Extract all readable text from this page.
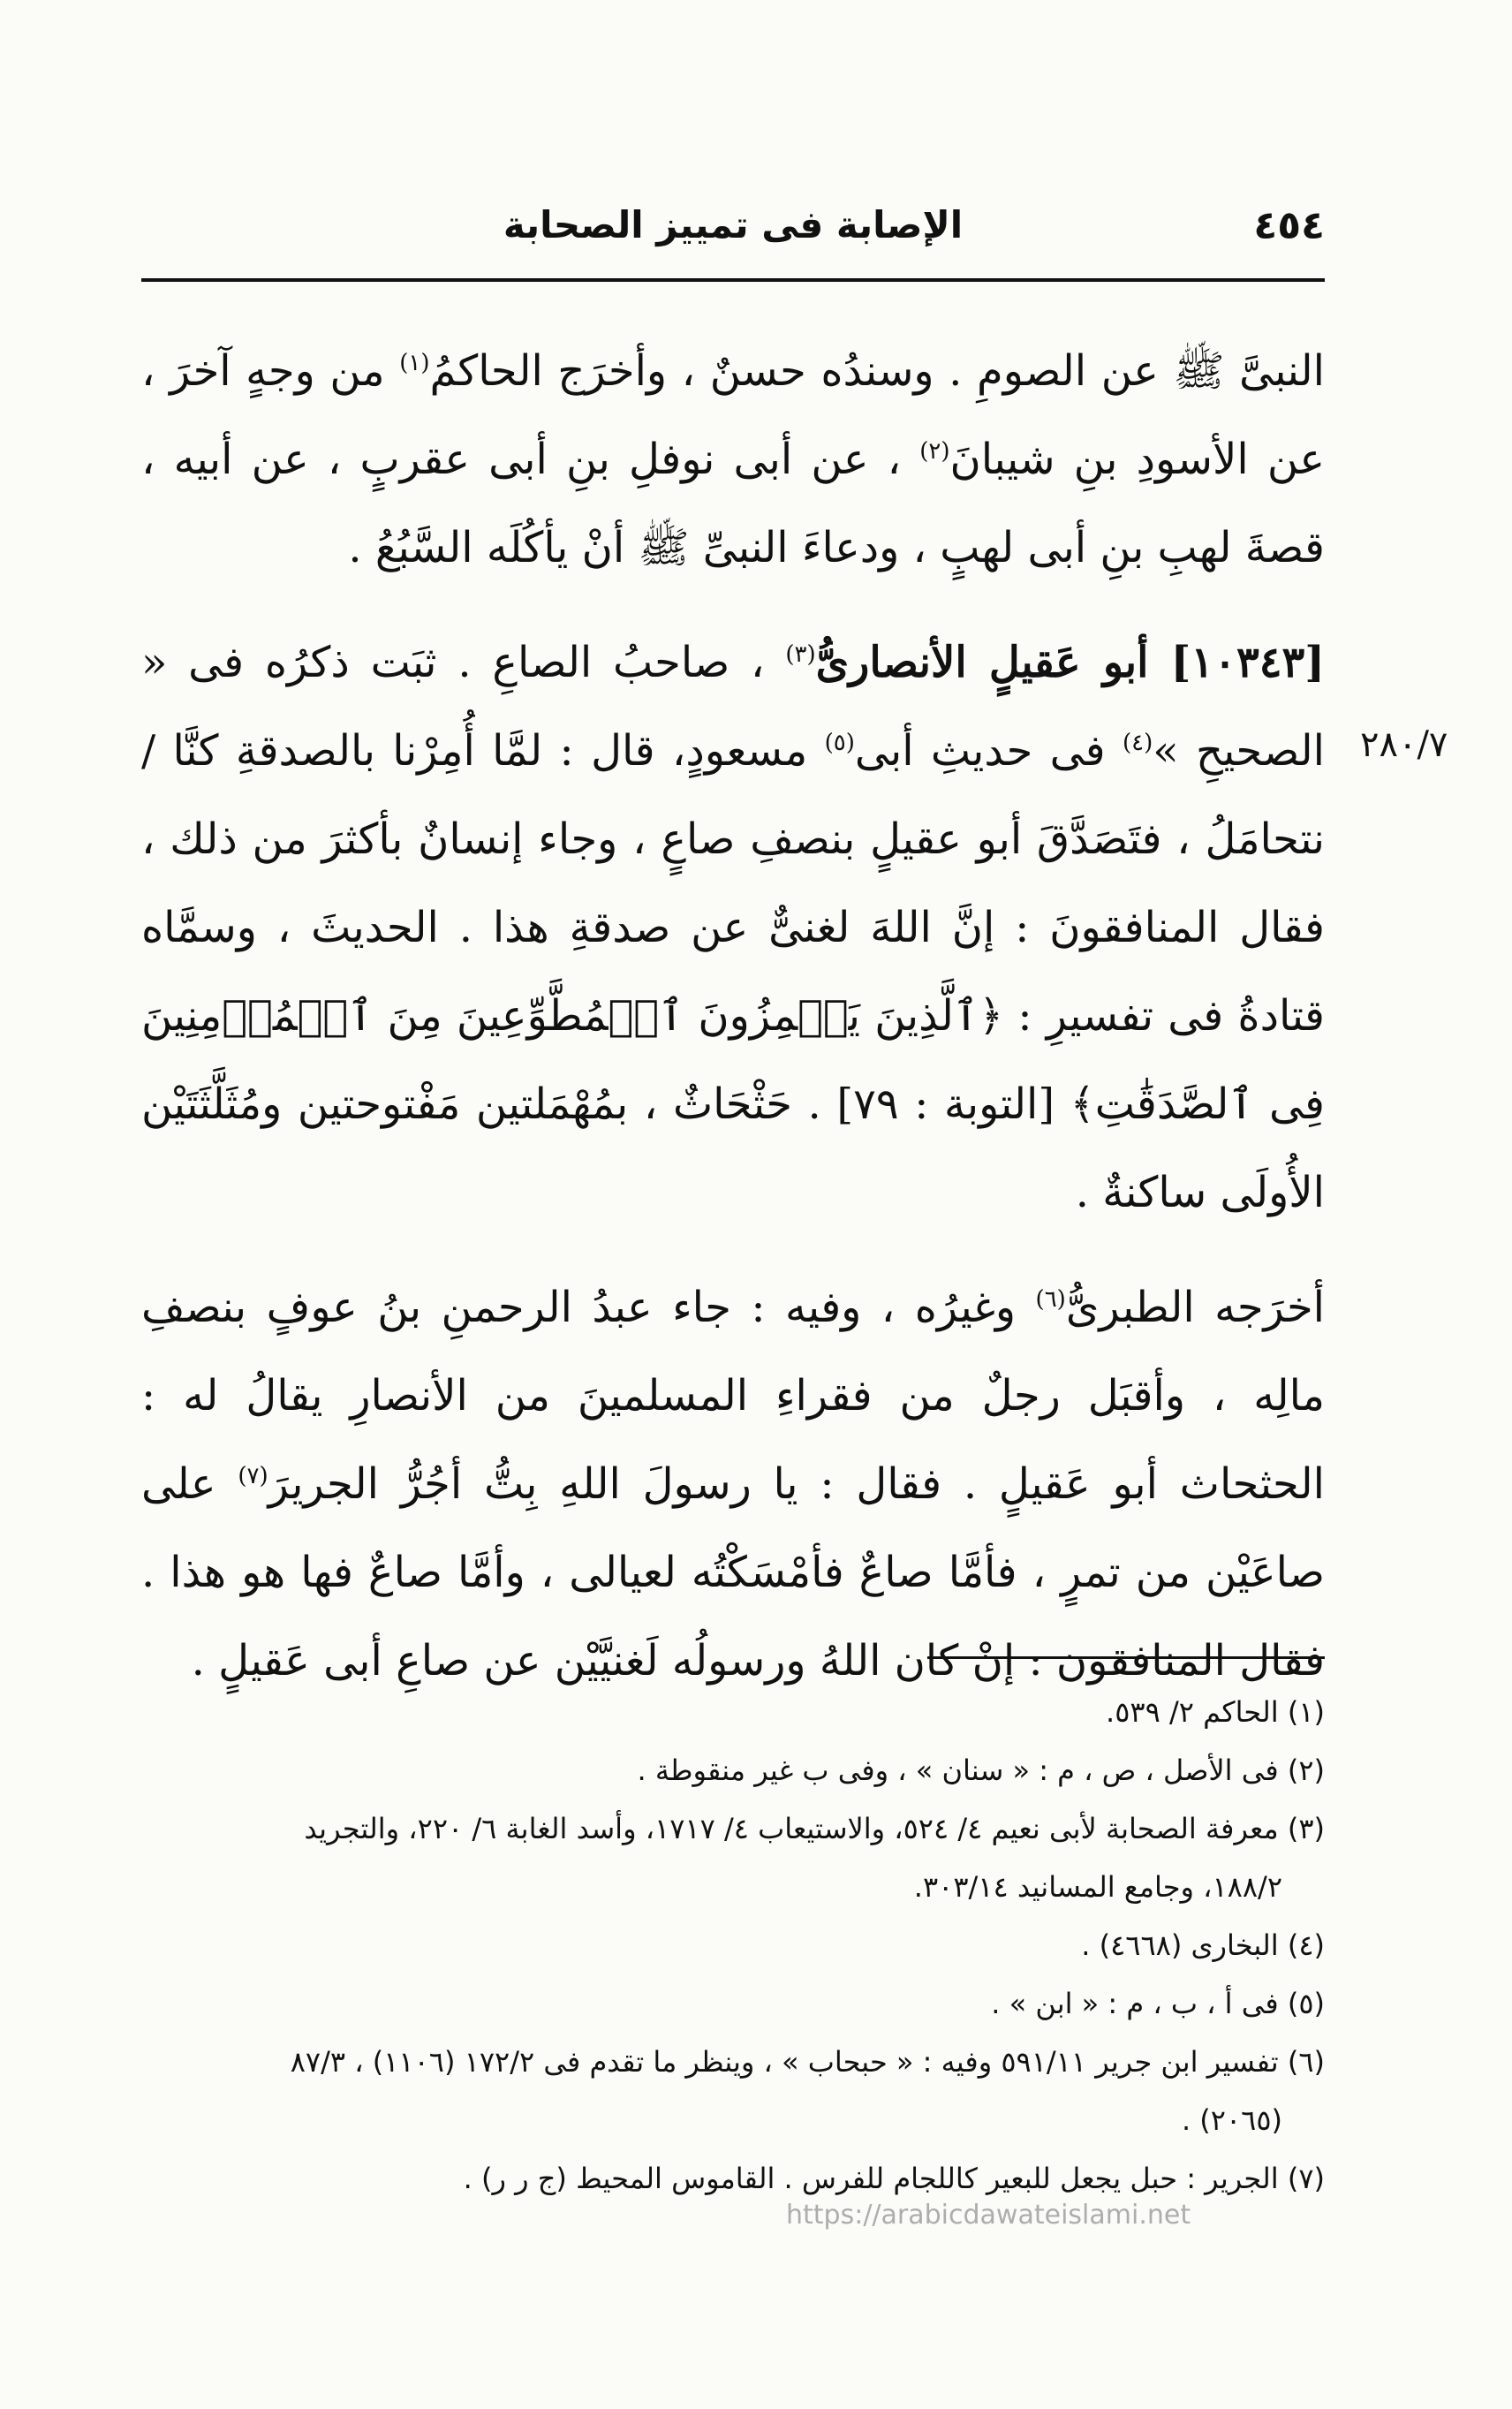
٤٥٤
الإصابة فى تمييز الصحابة

النبىَّ ﷺ عن الصومِ . وسندُه حسنٌ ، وأخرَج الحاكمُ$^{(١)}$ من وجهٍ آخرَ ، عن الأسودِ بنِ شيبانَ$^{(٢)}$ ، عن أبى نوفلِ بنِ أبى عقربٍ ، عن أبيه ، قصةَ لهبِ بنِ أبى لهبٍ ، ودعاءَ النبىِّ ﷺ أنْ يأكُلَه السَّبُعُ .

[١٠٣٤٣] أبو عَقيلٍ الأنصارىُّ$^{(٣)}$ ، صاحبُ الصاعِ . ثبَت ذكرُه فى « الصحيحِ »$^{(٤)}$ فى حديثِ أبى$^{(٥)}$ مسعودٍ، قال : لمَّا أُمِرْنا بالصدقةِ كنَّا /نتحامَلُ ، فتَصَدَّقَ أبو عقيلٍ بنصفِ صاعٍ ، وجاء إنسانٌ بأكثرَ من ذلك ، فقال المنافقونَ : إنَّ اللهَ لغنىٌّ عن صدقةِ هذا . الحديثَ ، وسمَّاه قتادةُ فى تفسيرِ : ﴿ٱلَّذِينَ يَلۡمِزُونَ ٱلۡمُطَّوِّعِينَ مِنَ ٱلۡمُؤۡمِنِينَ فِى ٱلصَّدَقَٰتِ﴾ [التوبة : ٧٩] . حَثْحَاثٌ ، بمُهْمَلتين مَفْتوحتين ومُثَلَّثَتَيْن الأُولَى ساكنةٌ .

أخرَجه الطبرىُّ$^{(٦)}$ وغيرُه ، وفيه : جاء عبدُ الرحمنِ بنُ عوفٍ بنصفِ مالِه ، وأقبَل رجلٌ من فقراءِ المسلمينَ من الأنصارِ يقالُ له : الحثحاث أبو عَقيلٍ . فقال : يا رسولَ اللهِ بِتُّ أجُرُّ الجريرَ$^{(٧)}$ على صاعَيْن من تمرٍ ، فأمَّا صاعٌ فأمْسَكْتُه لعيالى ، وأمَّا صاعٌ فها هو هذا . فقال المنافقون : إنْ كان اللهُ ورسولُه لَغنيَّيْن عن صاعِ أبى عَقيلٍ .

٢٨٠/٧

(١) الحاكم ٢/ ٥٣٩.

(٢) فى الأصل ، ص ، م : « سنان » ، وفى ب غير منقوطة .

(٣) معرفة الصحابة لأبى نعيم ٤/ ٥٢٤، والاستيعاب ٤/ ١٧١٧، وأسد الغابة ٦/ ٢٢٠، والتجريد
١٨٨/٢، وجامع المسانيد ٣٠٣/١٤.

(٤) البخارى (٤٦٦٨) .

(٥) فى أ ، ب ، م : « ابن » .

(٦) تفسير ابن جرير ٥٩١/١١ وفيه : « حبحاب » ، وينظر ما تقدم فى ١٧٢/٢ (١١٠٦) ، ٨٧/٣
(٢٠٦٥) .

(٧) الجرير : حبل يجعل للبعير كاللجام للفرس . القاموس المحيط (ج ر ر) .

https://arabicdawateislami.net
